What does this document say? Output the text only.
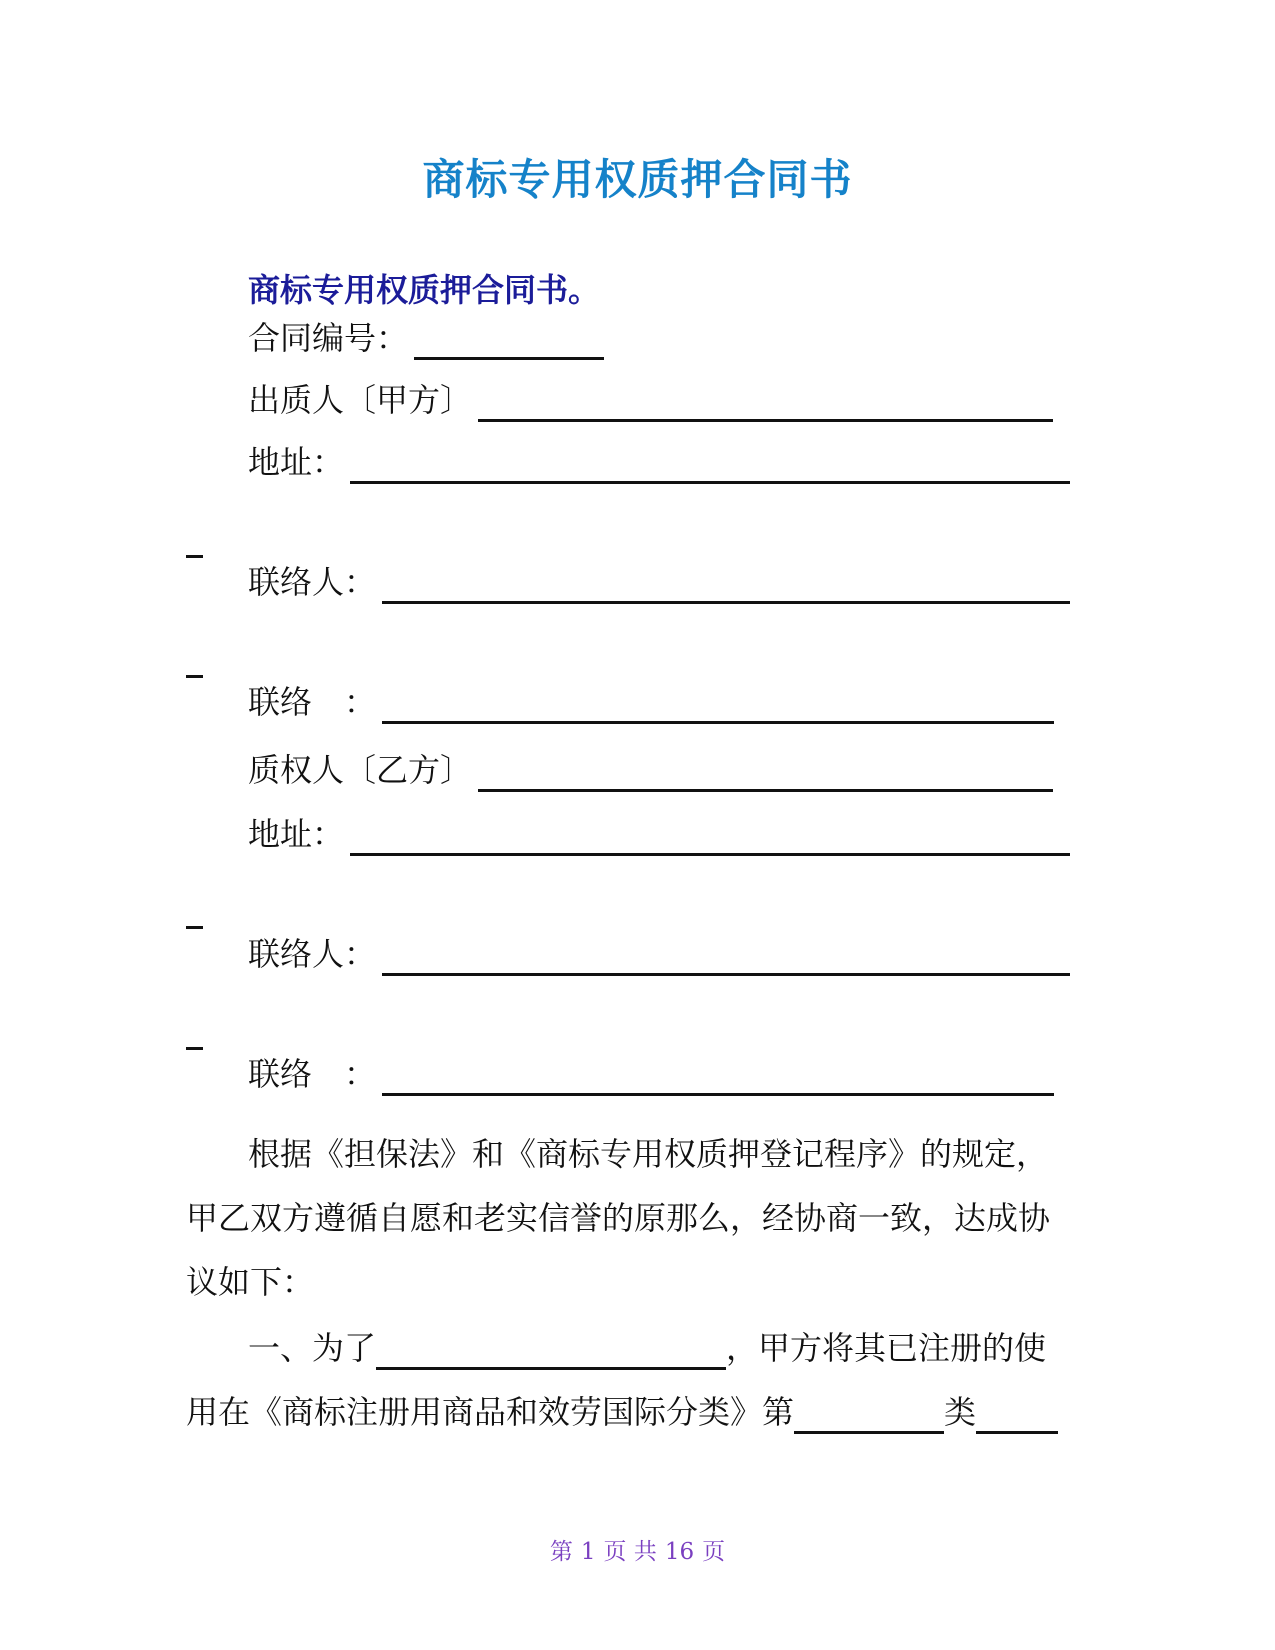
商标专用权质押合同书
商标专用权质押合同书。
合同编号：
出质人〔甲方〕
地址：
联络人：
联络　：
质权人〔乙方〕
地址：
联络人：
联络　：
根据《担保法》和《商标专用权质押登记程序》的规定，
甲乙双方遵循自愿和老实信誉的原那么，经协商一致，达成协
议如下：
一、为了	，甲方将其已注册的使
用在《商标注册用商品和效劳国际分类》第	类
第 1 页 共 16 页
